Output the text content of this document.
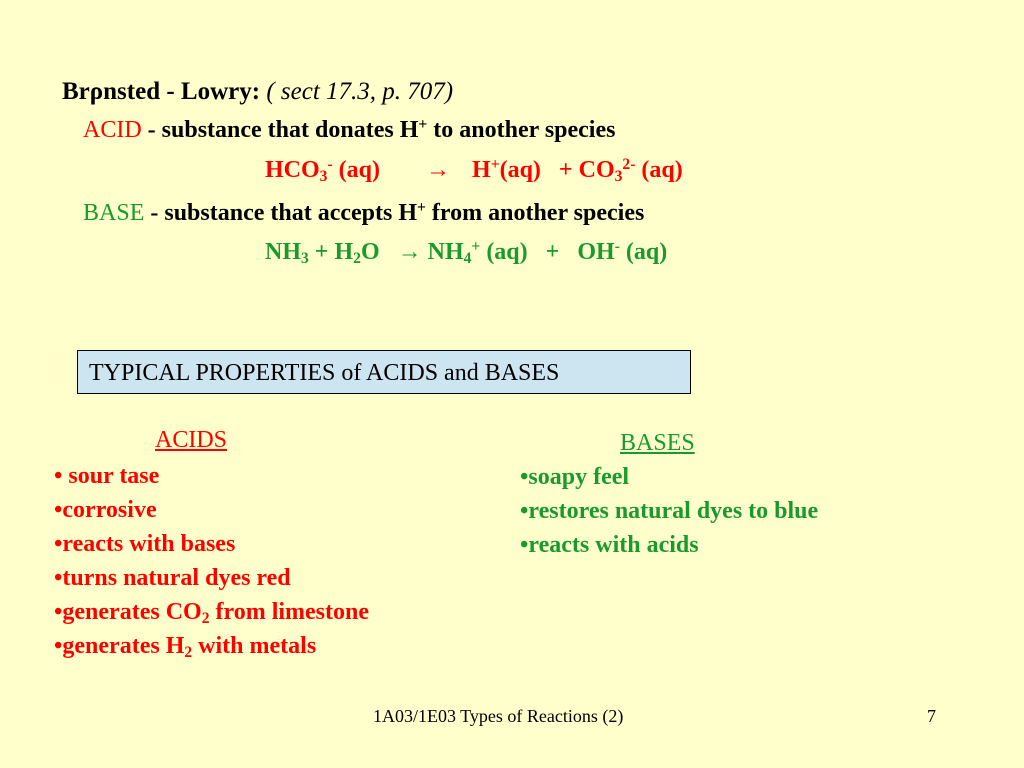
Brρnsted - Lowry: ( sect 17.3, p. 707)
ACID - substance that donates H+ to another species
$HCO_3^-$ $(aq) \to H^+(aq) + CO_3^{2-}$ (aq)
BASE - substance that accepts H+ from another species
$NH_3 + H_2O \to NH_4^+$ (aq) + OH- (aq)
TYPICAL PROPERTIES of ACIDS and BASES
ACIDS
• sour tase
•corrosive
•reacts with bases
•turns natural dyes red
•generates $CO_2$ from limestone
•generates $H_2$ with metals
BASES
•soapy feel
•restores natural dyes to blue
•reacts with acids
1A03/1E03 Types of Reactions (2)	7
